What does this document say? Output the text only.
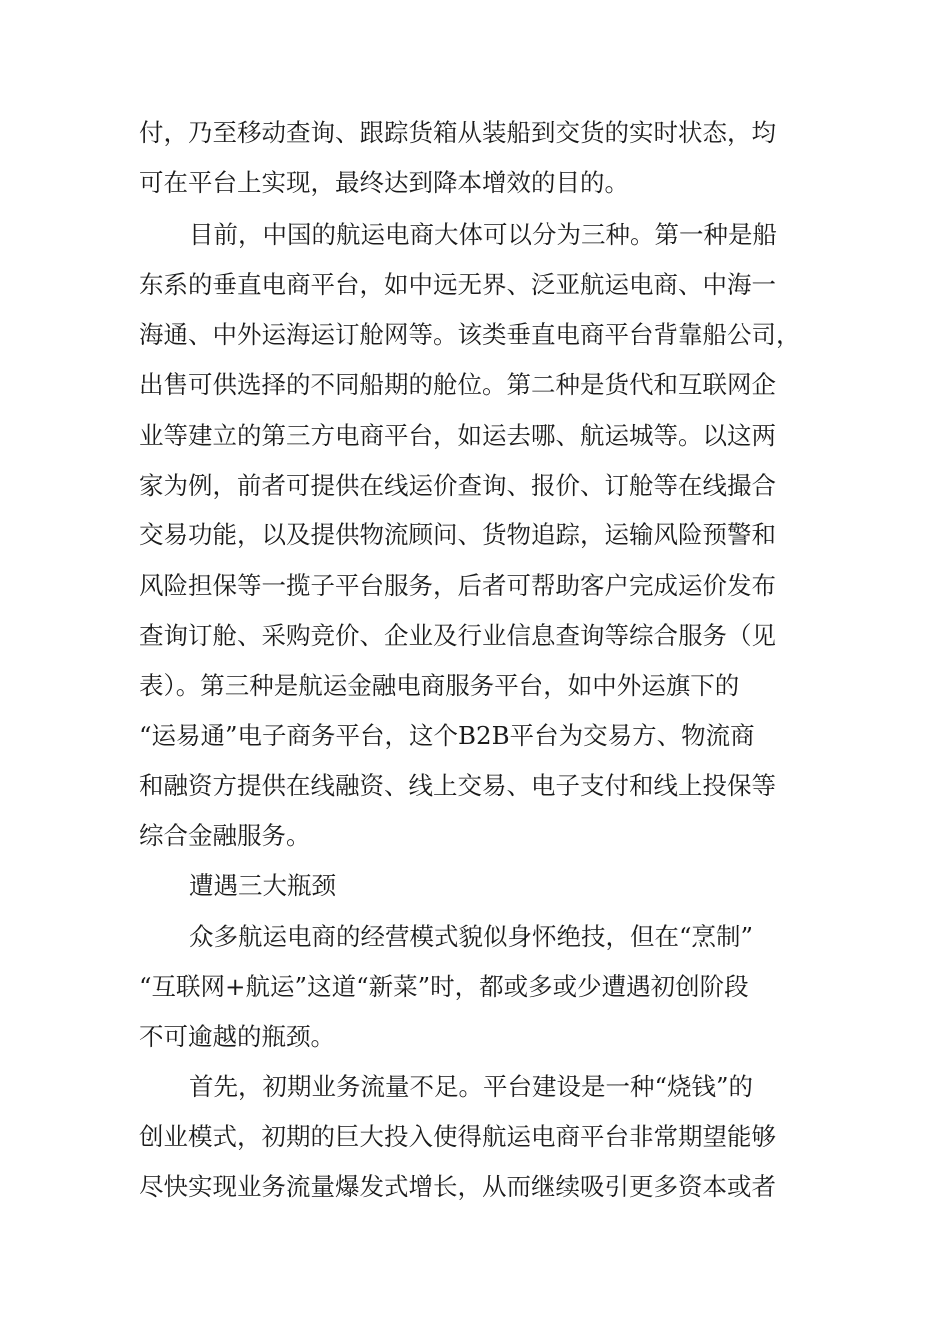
付，乃至移动查询、跟踪货箱从装船到交货的实时状态，均

可在平台上实现，最终达到降本增效的目的。

目前，中国的航运电商大体可以分为三种。第一种是船

东系的垂直电商平台，如中远无界、泛亚航运电商、中海一

海通、中外运海运订舱网等。该类垂直电商平台背靠船公司，

出售可供选择的不同船期的舱位。第二种是货代和互联网企

业等建立的第三方电商平台，如运去哪、航运城等。以这两

家为例，前者可提供在线运价查询、报价、订舱等在线撮合

交易功能，以及提供物流顾问、货物追踪，运输风险预警和

风险担保等一揽子平台服务，后者可帮助客户完成运价发布

查询订舱、采购竞价、企业及行业信息查询等综合服务（见

表）。第三种是航运金融电商服务平台，如中外运旗下的

“运易通”电子商务平台，这个B2B平台为交易方、物流商

和融资方提供在线融资、线上交易、电子支付和线上投保等

综合金融服务。

遭遇三大瓶颈

众多航运电商的经营模式貌似身怀绝技，但在“烹制”

“互联网+航运”这道“新菜”时，都或多或少遭遇初创阶段

不可逾越的瓶颈。

首先，初期业务流量不足。平台建设是一种“烧钱”的

创业模式，初期的巨大投入使得航运电商平台非常期望能够

尽快实现业务流量爆发式增长，从而继续吸引更多资本或者
